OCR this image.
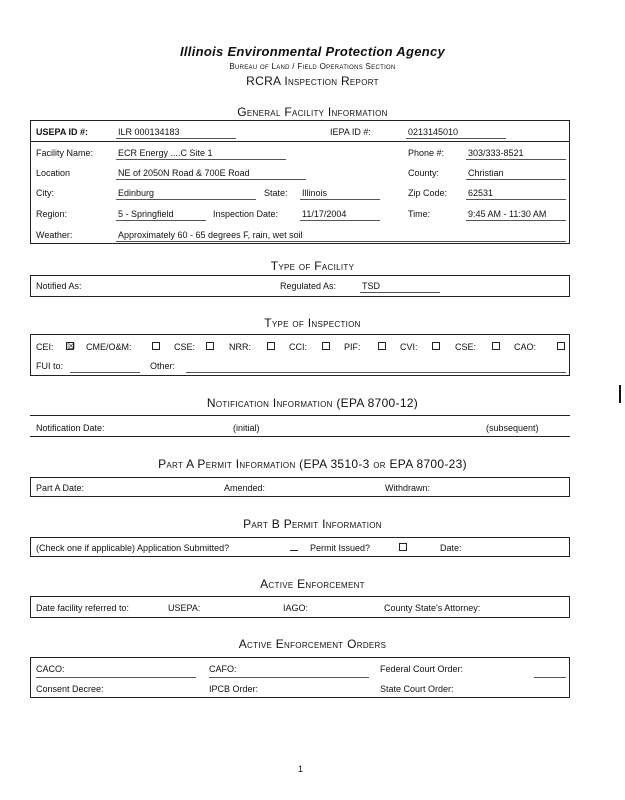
Illinois Environmental Protection Agency
Bureau of Land / Field Operations Section
RCRA Inspection Report
General Facility Information
USEPA ID #:	ILR 000134183	IEPA ID #:	0213145010
Facility Name:	ECR Energy ....C Site 1	Phone #:	303/333-8521
Location	NE of 2050N Road & 700E Road	County:	Christian
City:	Edinburg	State: Illinois	Zip Code: 62531
Region:	5 - Springfield	Inspection Date:	11/17/2004	Time:	9:45 AM - 11:30 AM
Weather:	Approximately 60 - 65 degrees F, rain, wet soil
Type of Facility
Notified As:	Regulated As:	TSD
Type of Inspection
CEI: ☒ CME/O&M:	CSE:	NRR:	CCI:	PIF:	CVI:	CSE:	CAO:
FUI to:	Other:
Notification Information (EPA 8700-12)
Notification Date:	(initial)	(subsequent)
Part A Permit Information (EPA 3510-3 or EPA 8700-23)
Part A Date:	Amended:	Withdrawn:
Part B Permit Information
(Check one if applicable) Application Submitted?	Permit Issued?	Date:
Active Enforcement
Date facility referred to:	USEPA:	IAGO:	County State's Attorney:
Active Enforcement Orders
CACO:	CAFO:	Federal Court Order:
Consent Decree:	IPCB Order:	State Court Order:
1
